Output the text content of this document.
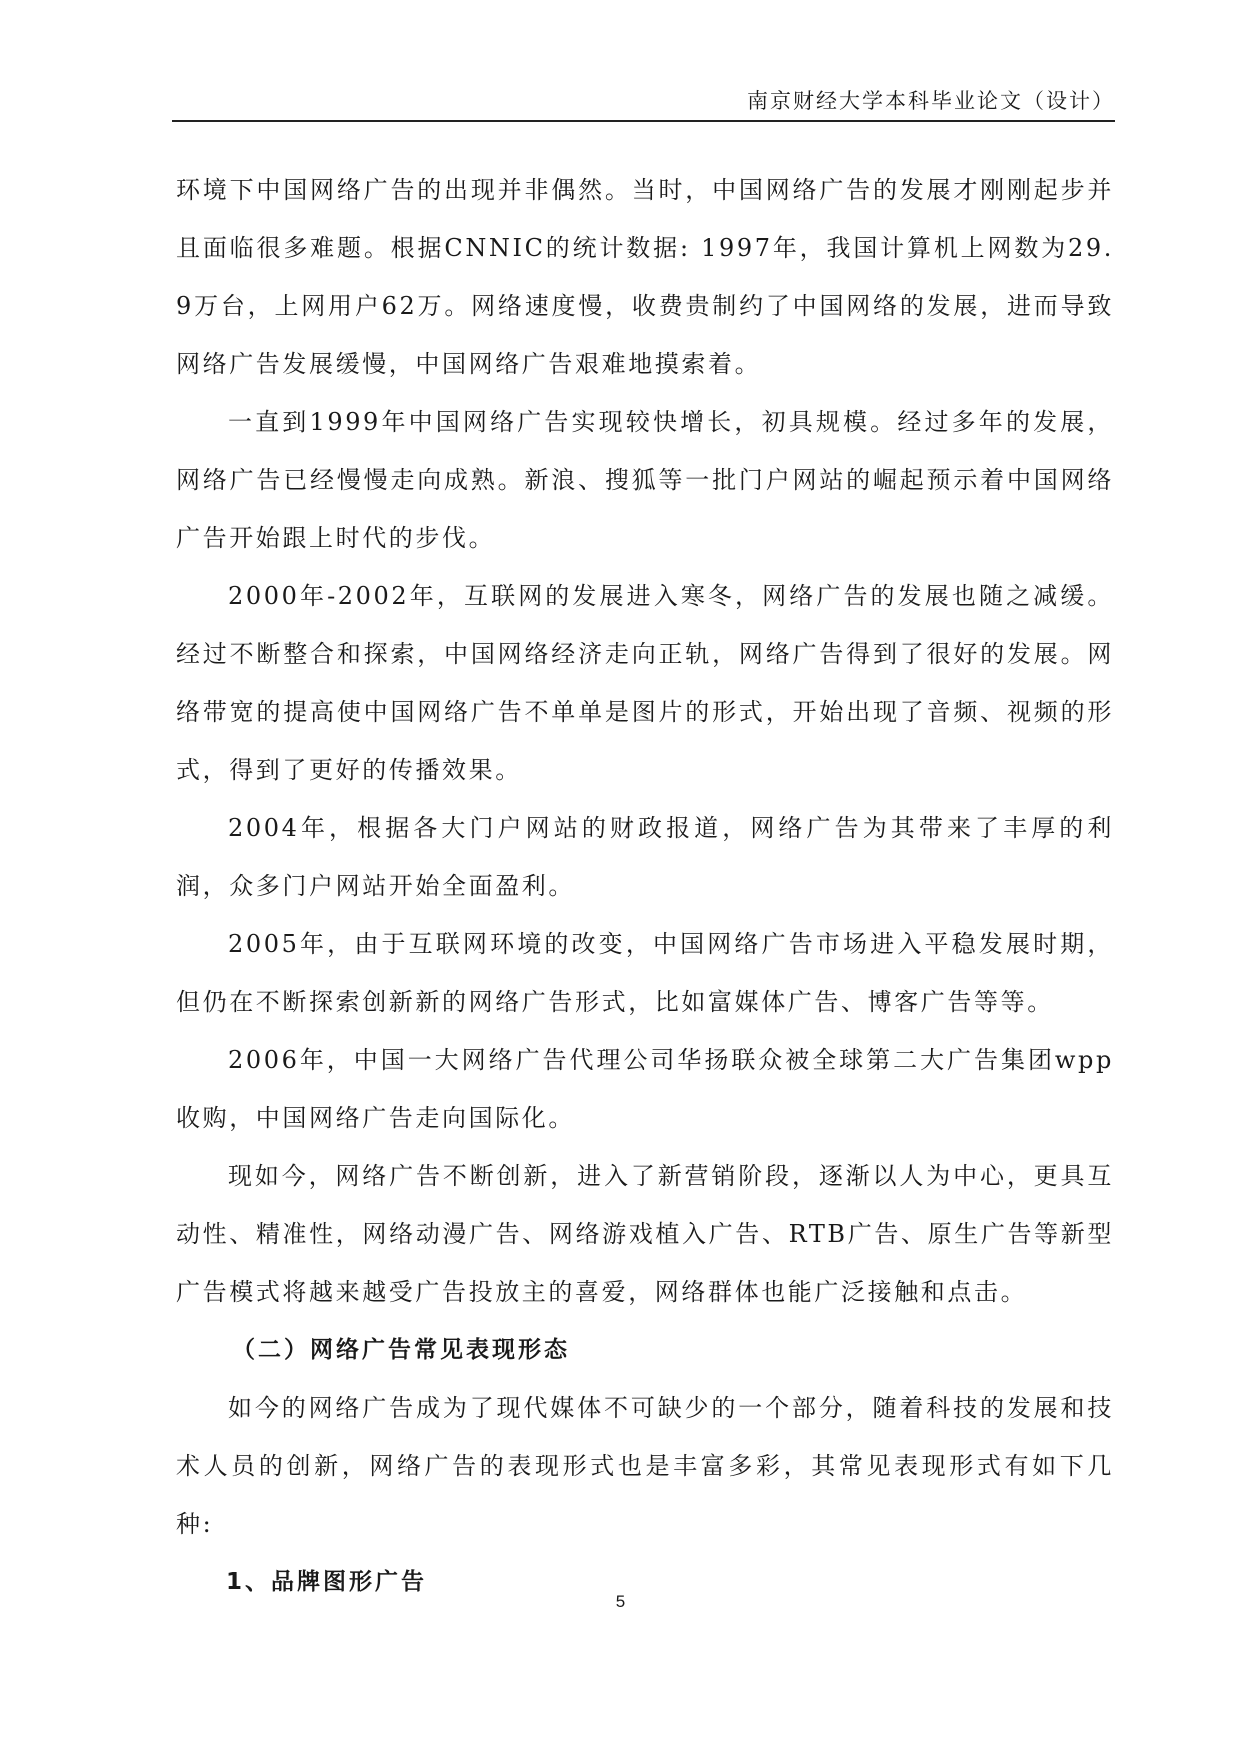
南京财经大学本科毕业论文（设计）

环境下中国网络广告的出现并非偶然。当时，中国网络广告的发展才刚刚起步并且面临很多难题。根据CNNIC的统计数据: 1997年，我国计算机上网数为29.9万台，上网用户62万。网络速度慢，收费贵制约了中国网络的发展，进而导致网络广告发展缓慢，中国网络广告艰难地摸索着。

一直到1999年中国网络广告实现较快增长，初具规模。经过多年的发展，网络广告已经慢慢走向成熟。新浪、搜狐等一批门户网站的崛起预示着中国网络广告开始跟上时代的步伐。

2000年-2002年，互联网的发展进入寒冬，网络广告的发展也随之减缓。经过不断整合和探索，中国网络经济走向正轨，网络广告得到了很好的发展。网络带宽的提高使中国网络广告不单单是图片的形式，开始出现了音频、视频的形式，得到了更好的传播效果。

2004年，根据各大门户网站的财政报道，网络广告为其带来了丰厚的利润，众多门户网站开始全面盈利。

2005年，由于互联网环境的改变，中国网络广告市场进入平稳发展时期，但仍在不断探索创新新的网络广告形式，比如富媒体广告、博客广告等等。

2006年，中国一大网络广告代理公司华扬联众被全球第二大广告集团wpp收购，中国网络广告走向国际化。

现如今，网络广告不断创新，进入了新营销阶段，逐渐以人为中心，更具互动性、精准性，网络动漫广告、网络游戏植入广告、RTB广告、原生广告等新型广告模式将越来越受广告投放主的喜爱，网络群体也能广泛接触和点击。

（二）网络广告常见表现形态

如今的网络广告成为了现代媒体不可缺少的一个部分，随着科技的发展和技术人员的创新，网络广告的表现形式也是丰富多彩，其常见表现形式有如下几种:

1、品牌图形广告

5
